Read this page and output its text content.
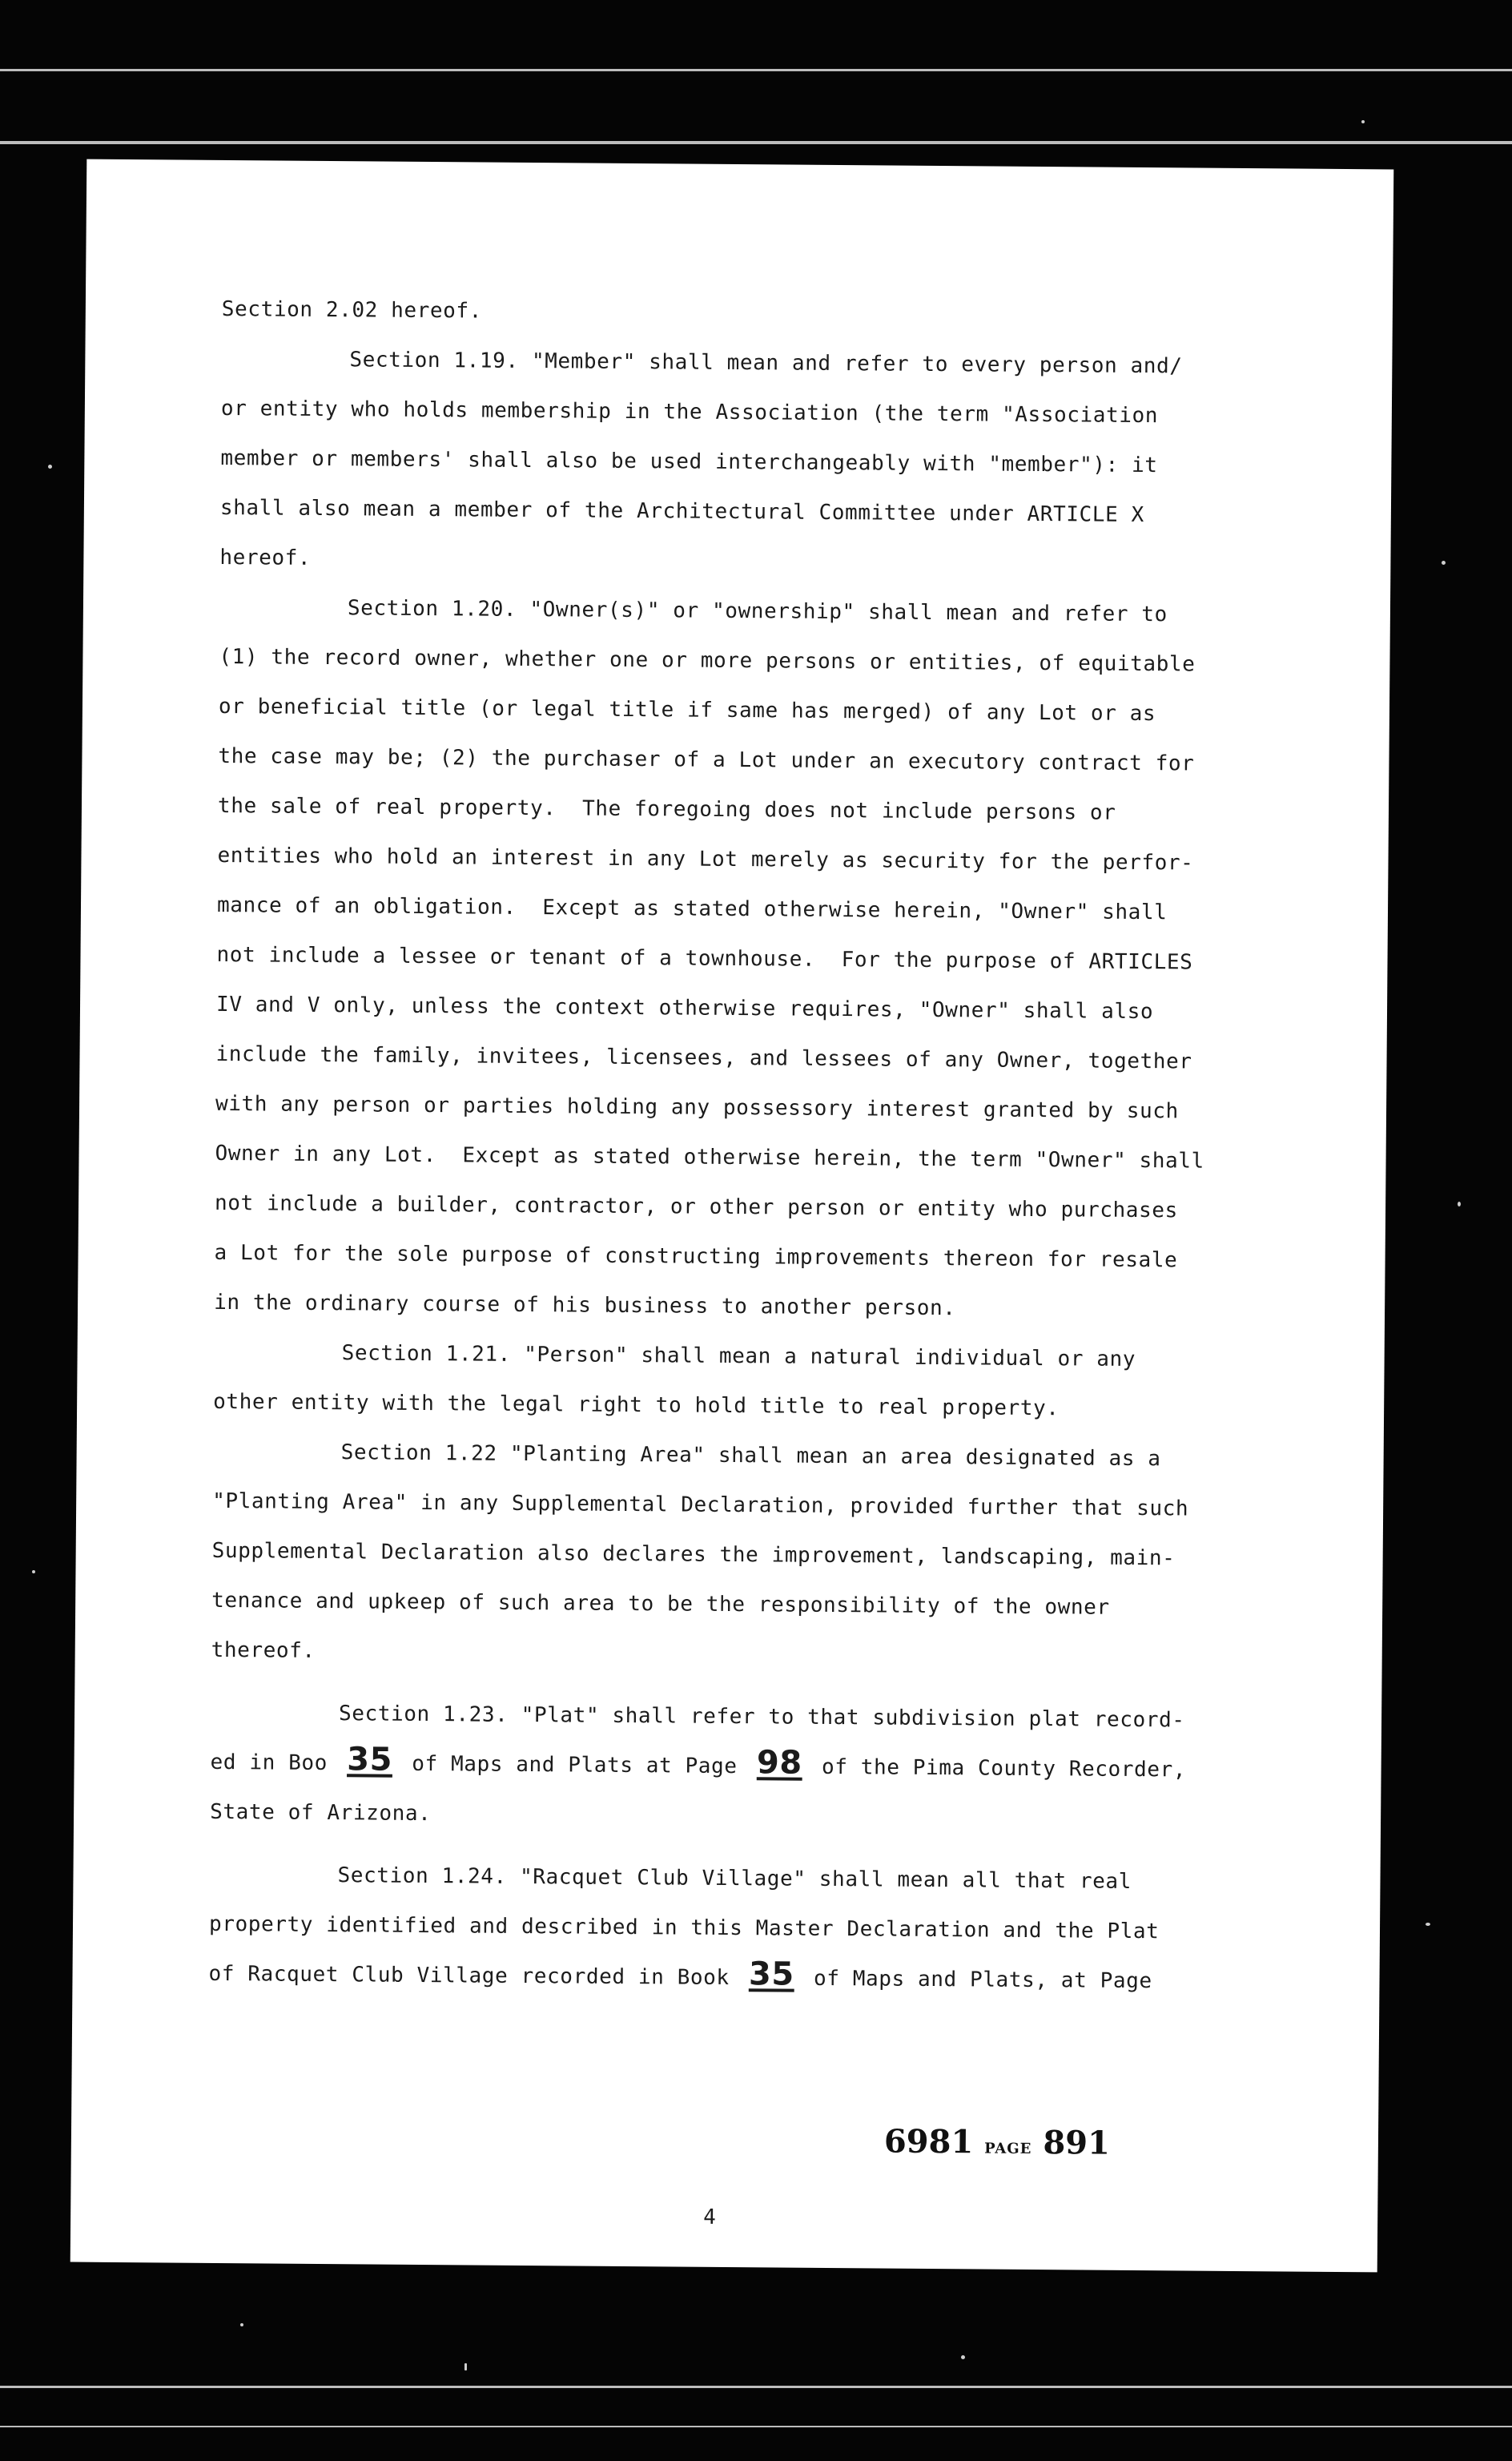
Section 2.02 hereof.
Section 1.19. "Member" shall mean and refer to every person and/
or entity who holds membership in the Association (the term "Association
member or members' shall also be used interchangeably with "member"): it
shall also mean a member of the Architectural Committee under ARTICLE X
hereof.
Section 1.20. "Owner(s)" or "ownership" shall mean and refer to
(1) the record owner, whether one or more persons or entities, of equitable
or beneficial title (or legal title if same has merged) of any Lot or as
the case may be; (2) the purchaser of a Lot under an executory contract for
the sale of real property.  The foregoing does not include persons or
entities who hold an interest in any Lot merely as security for the perfor-
mance of an obligation.  Except as stated otherwise herein, "Owner" shall
not include a lessee or tenant of a townhouse.  For the purpose of ARTICLES
IV and V only, unless the context otherwise requires, "Owner" shall also
include the family, invitees, licensees, and lessees of any Owner, together
with any person or parties holding any possessory interest granted by such
Owner in any Lot.  Except as stated otherwise herein, the term "Owner" shall
not include a builder, contractor, or other person or entity who purchases
a Lot for the sole purpose of constructing improvements thereon for resale
in the ordinary course of his business to another person.
Section 1.21. "Person" shall mean a natural individual or any
other entity with the legal right to hold title to real property.
Section 1.22 "Planting Area" shall mean an area designated as a
"Planting Area" in any Supplemental Declaration, provided further that such
Supplemental Declaration also declares the improvement, landscaping, main-
tenance and upkeep of such area to be the responsibility of the owner
thereof.
Section 1.23. "Plat" shall refer to that subdivision plat record-
ed in Boo 35 of Maps and Plats at Page 98 of the Pima County Recorder,
State of Arizona.
Section 1.24. "Racquet Club Village" shall mean all that real
property identified and described in this Master Declaration and the Plat
of Racquet Club Village recorded in Book 35 of Maps and Plats, at Page
6981 PAGE 891
4
